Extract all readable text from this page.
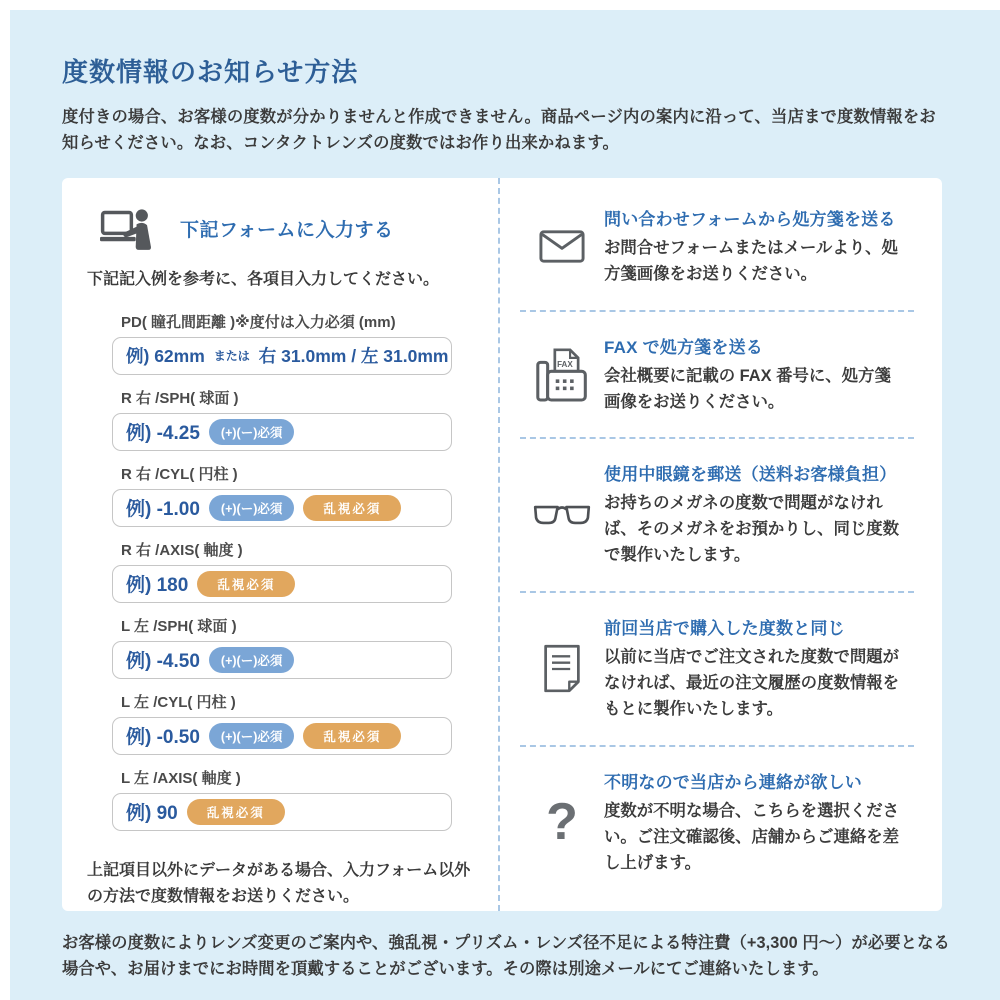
度数情報のお知らせ方法
度付きの場合、お客様の度数が分かりませんと作成できません。商品ページ内の案内に沿って、当店まで度数情報をお知らせください。なお、コンタクトレンズの度数ではお作り出来かねます。
下記フォームに入力する
下記記入例を参考に、各項目入力してください。
PD( 瞳孔間距離 )※度付は入力必須 (mm)
例) 62mm または 右 31.0mm / 左 31.0mm
R 右 /SPH( 球面 )
例) -4.25	(+)(ー)必須
R 右 /CYL( 円柱 )
例) -1.00	(+)(ー)必須	乱視必須
R 右 /AXIS( 軸度 )
例) 180	乱視必須
L 左 /SPH( 球面 )
例) -4.50	(+)(ー)必須
L 左 /CYL( 円柱 )
例) -0.50	(+)(ー)必須	乱視必須
L 左 /AXIS( 軸度 )
例) 90	乱視必須
上記項目以外にデータがある場合、入力フォーム以外の方法で度数情報をお送りください。
問い合わせフォームから処方箋を送る
お問合せフォームまたはメールより、処方箋画像をお送りください。
FAX
FAX で処方箋を送る
会社概要に記載の FAX 番号に、処方箋画像をお送りください。
使用中眼鏡を郵送（送料お客様負担）
お持ちのメガネの度数で問題がなければ、そのメガネをお預かりし、同じ度数で製作いたします。
前回当店で購入した度数と同じ
以前に当店でご注文された度数で問題がなければ、最近の注文履歴の度数情報をもとに製作いたします。
?
不明なので当店から連絡が欲しい
度数が不明な場合、こちらを選択ください。ご注文確認後、店舗からご連絡を差し上げます。
お客様の度数によりレンズ変更のご案内や、強乱視・プリズム・レンズ径不足による特注費（+3,300 円〜）が必要となる場合や、お届けまでにお時間を頂戴することがございます。その際は別途メールにてご連絡いたします。
